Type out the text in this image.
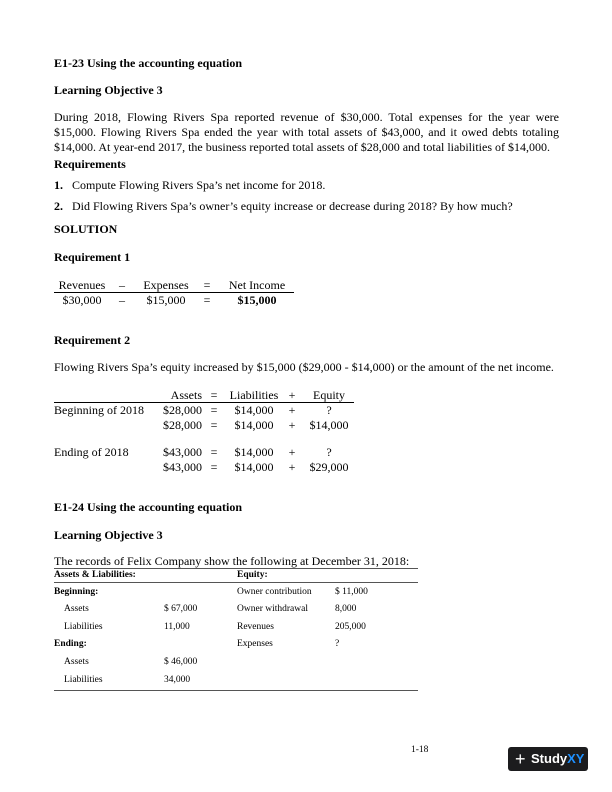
E1-23 Using the accounting equation
Learning Objective 3
During 2018, Flowing Rivers Spa reported revenue of $30,000. Total expenses for the year were
$15,000. Flowing Rivers Spa ended the year with total assets of $43,000, and it owed debts totaling
$14,000. At year-end 2017, the business reported total assets of $28,000 and total liabilities of $14,000.
Requirements
1. Compute Flowing Rivers Spa’s net income for 2018.
2. Did Flowing Rivers Spa’s owner’s equity increase or decrease during 2018? By how much?
SOLUTION
Requirement 1
Revenues	–	Expenses	=	Net Income
$30,000	–	$15,000	=	$15,000
Requirement 2
Flowing Rivers Spa’s equity increased by $15,000 ($29,000 - $14,000) or the amount of the net income.
Assets =	Liabilities +	Equity
Beginning of 2018	$28,000 =	$14,000	+	?
$28,000 =	$14,000	+ $14,000
Ending of 2018	$43,000 =	$14,000	+	?
$43,000 =	$14,000	+ $29,000
E1-24 Using the accounting equation
Learning Objective 3
The records of Felix Company show the following at December 31, 2018:
Assets & Liabilities:	Equity:
Beginning:	Owner contribution $ 11,000
Assets	$ 67,000	Owner withdrawal	8,000
Liabilities	11,000	Revenues	205,000
Ending:	Expenses	?
Assets	$ 46,000
Liabilities	34,000
1-18	+ StudyXY
